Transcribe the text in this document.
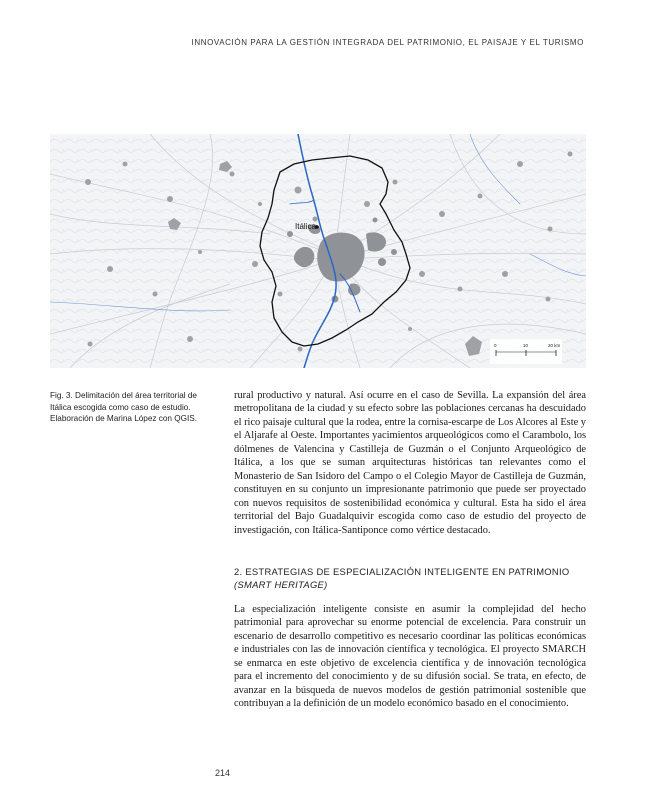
INNOVACIÓN PARA LA GESTIÓN INTEGRADA DEL PATRIMONIO, EL PAISAJE Y EL TURISMO
Itálica
0	10	20 km
Fig. 3. Delimitación del área territorial de Itálica escogida como caso de estudio. Elaboración de Marina López con QGIS.

rural productivo y natural. Así ocurre en el caso de Sevilla. La expansión del área metropolitana de la ciudad y su efecto sobre las poblaciones cercanas ha descuidado el rico paisaje cultural que la rodea, entre la cornisa-escarpe de Los Alcores al Este y el Aljarafe al Oeste. Importantes yacimientos arqueológicos como el Carambolo, los dólmenes de Valencina y Castilleja de Guzmán o el Conjunto Arqueológico de Itálica, a los que se suman arquitecturas históricas tan relevantes como el Monasterio de San Isidoro del Campo o el Colegio Mayor de Castilleja de Guzmán, constituyen en su conjunto un impresionante patrimonio que puede ser proyectado con nuevos requisitos de sostenibilidad económica y cultural. Esta ha sido el área territorial del Bajo Guadalquivir escogida como caso de estudio del proyecto de investigación, con Itálica-Santiponce como vértice destacado.

2. ESTRATEGIAS DE ESPECIALIZACIÓN INTELIGENTE EN PATRIMONIO
(SMART HERITAGE)

La especialización inteligente consiste en asumir la complejidad del hecho patrimonial para aprovechar su enorme potencial de excelencia. Para construir un escenario de desarrollo competitivo es necesario coordinar las políticas económicas e industriales con las de innovación científica y tecnológica. El proyecto SMARCH se enmarca en este objetivo de excelencia científica y de innovación tecnológica para el incremento del conocimiento y de su difusión social. Se trata, en efecto, de avanzar en la búsqueda de nuevos modelos de gestión patrimonial sostenible que contribuyan a la definición de un modelo económico basado en el conocimiento.

214
